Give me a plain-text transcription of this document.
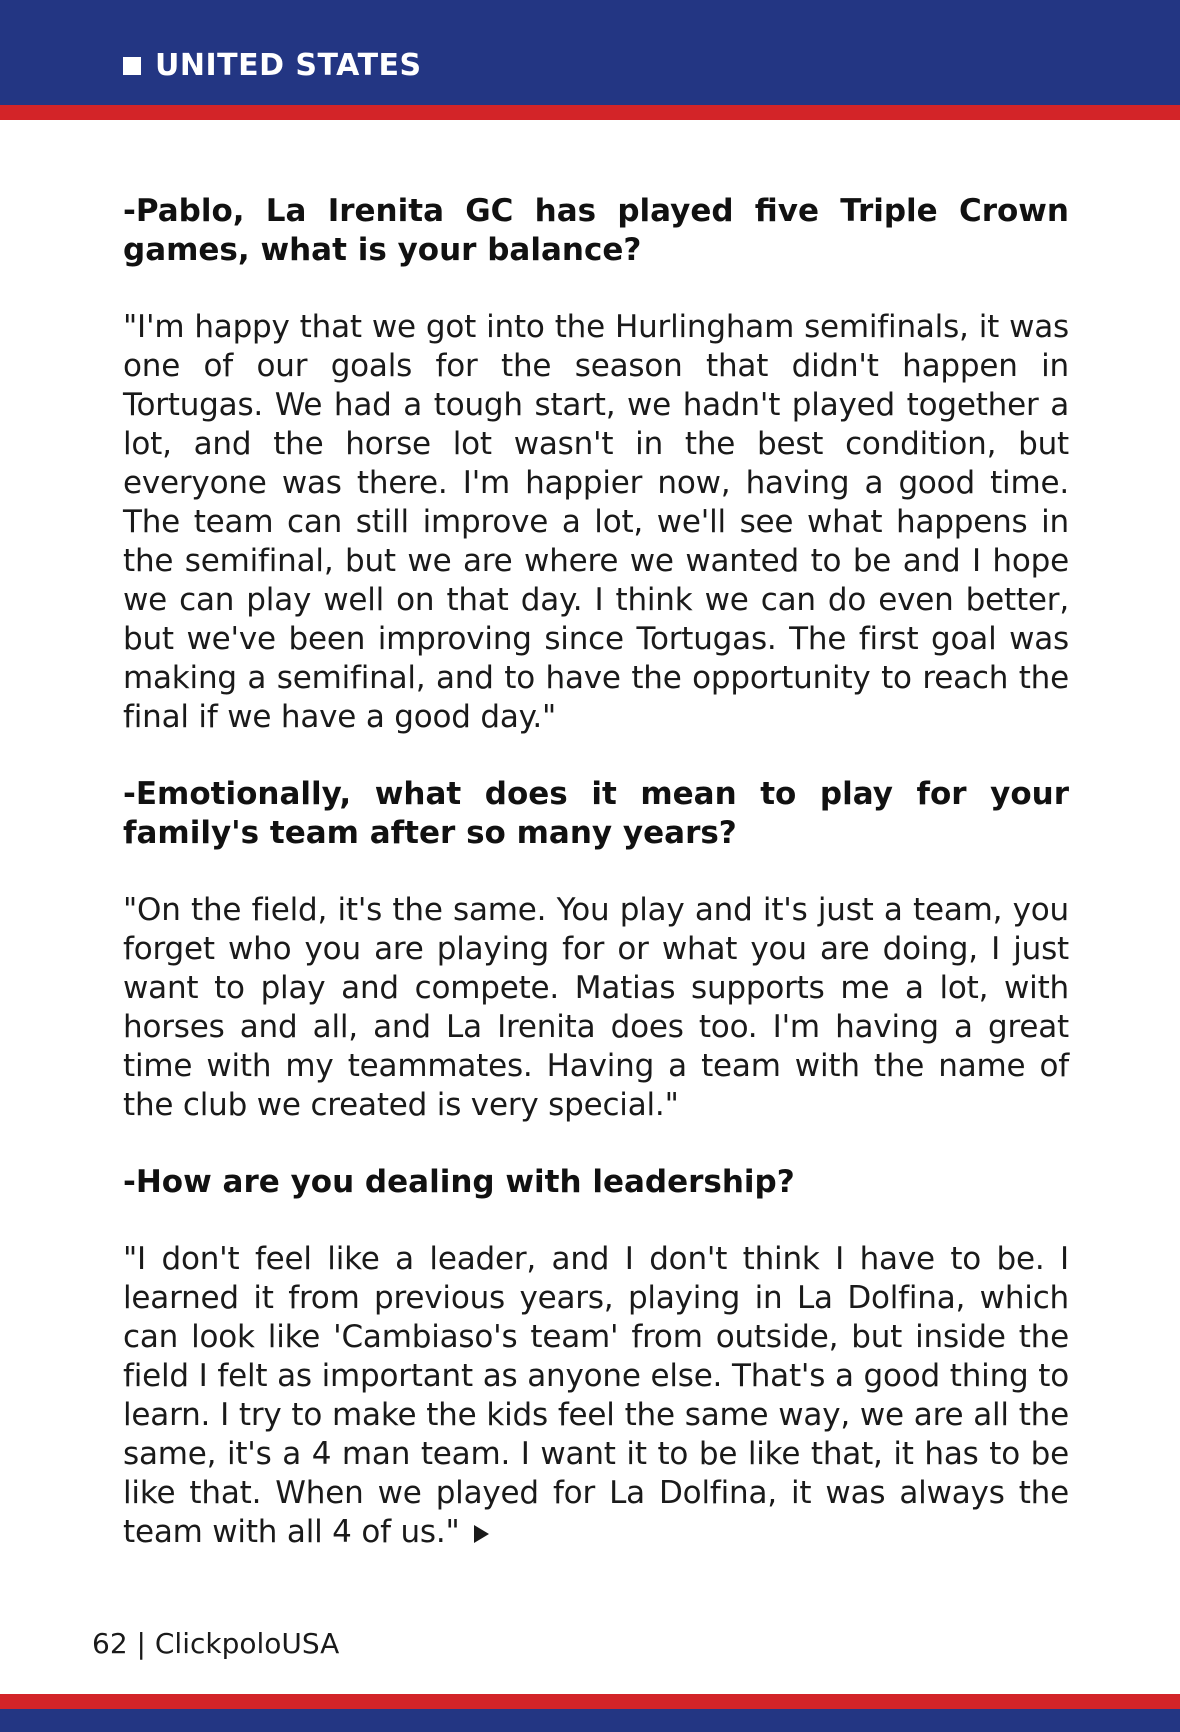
UNITED STATES

-Pablo, La Irenita GC has played five Triple Crown games, what is your balance?

"I'm happy that we got into the Hurlingham semifinals, it was one of our goals for the season that didn't happen in Tortugas. We had a tough start, we hadn't played together a lot, and the horse lot wasn't in the best condition, but everyone was there. I'm happier now, having a good time. The team can still improve a lot, we'll see what happens in the semifinal, but we are where we wanted to be and I hope we can play well on that day. I think we can do even better, but we've been improving since Tortugas. The first goal was making a semifinal, and to have the opportunity to reach the final if we have a good day."

-Emotionally, what does it mean to play for your family's team after so many years?

"On the field, it's the same. You play and it's just a team, you forget who you are playing for or what you are doing, I just want to play and compete. Matias supports me a lot, with horses and all, and La Irenita does too. I'm having a great time with my teammates. Having a team with the name of the club we created is very special."

-How are you dealing with leadership?

"I don't feel like a leader, and I don't think I have to be. I learned it from previous years, playing in La Dolfina, which can look like 'Cambiaso's team' from outside, but inside the field I felt as important as anyone else. That's a good thing to learn. I try to make the kids feel the same way, we are all the same, it's a 4 man team. I want it to be like that, it has to be like that. When we played for La Dolfina, it was always the team with all 4 of us."

62 | ClickpoloUSA
